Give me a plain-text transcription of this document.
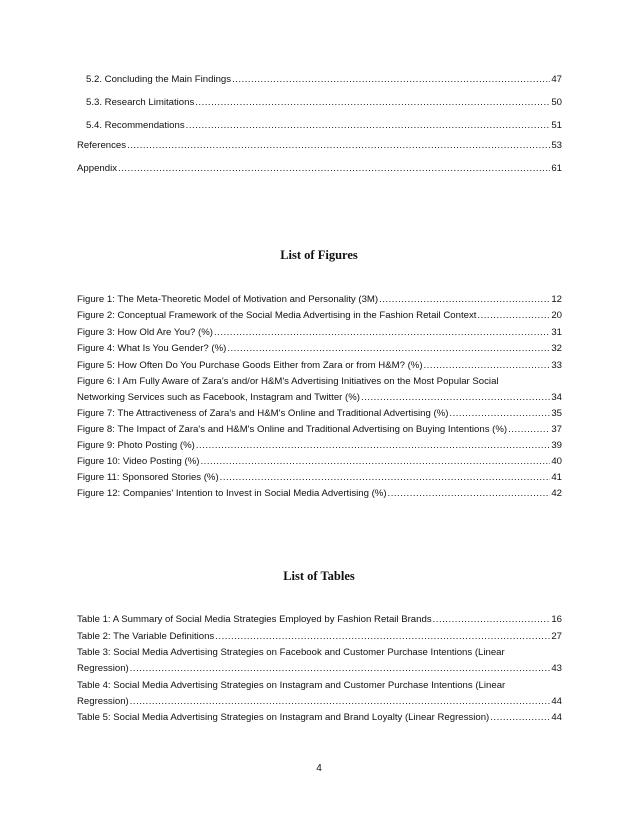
5.2. Concluding the Main Findings .....	47
5.3. Research Limitations .....	50
5.4. Recommendations .....	51
References .....	53
Appendix .....	61
List of Figures
Figure 1: The Meta-Theoretic Model of Motivation and Personality (3M) .....	12
Figure 2: Conceptual Framework of the Social Media Advertising in the Fashion Retail Context .....	20
Figure 3: How Old Are You? (%) .....	31
Figure 4: What Is You Gender? (%) .....	32
Figure 5: How Often Do You Purchase Goods Either from Zara or from H&M? (%) .....	33
Figure 6: I Am Fully Aware of Zara's and/or H&M's Advertising Initiatives on the Most Popular Social
Networking Services such as Facebook, Instagram and Twitter (%) .....	34
Figure 7: The Attractiveness of Zara's and H&M's Online and Traditional Advertising (%) .....	35
Figure 8: The Impact of Zara's and H&M's Online and Traditional Advertising on Buying Intentions (%) .....	37
Figure 9: Photo Posting (%) .....	39
Figure 10: Video Posting (%) .....	40
Figure 11: Sponsored Stories (%) .....	41
Figure 12: Companies' Intention to Invest in Social Media Advertising (%) .....	42
List of Tables
Table 1: A Summary of Social Media Strategies Employed by Fashion Retail Brands .....	16
Table 2: The Variable Definitions .....	27
Table 3: Social Media Advertising Strategies on Facebook and Customer Purchase Intentions (Linear
Regression) .....	43
Table 4: Social Media Advertising Strategies on Instagram and Customer Purchase Intentions (Linear
Regression) .....	44
Table 5: Social Media Advertising Strategies on Instagram and Brand Loyalty (Linear Regression) .....	44
4
